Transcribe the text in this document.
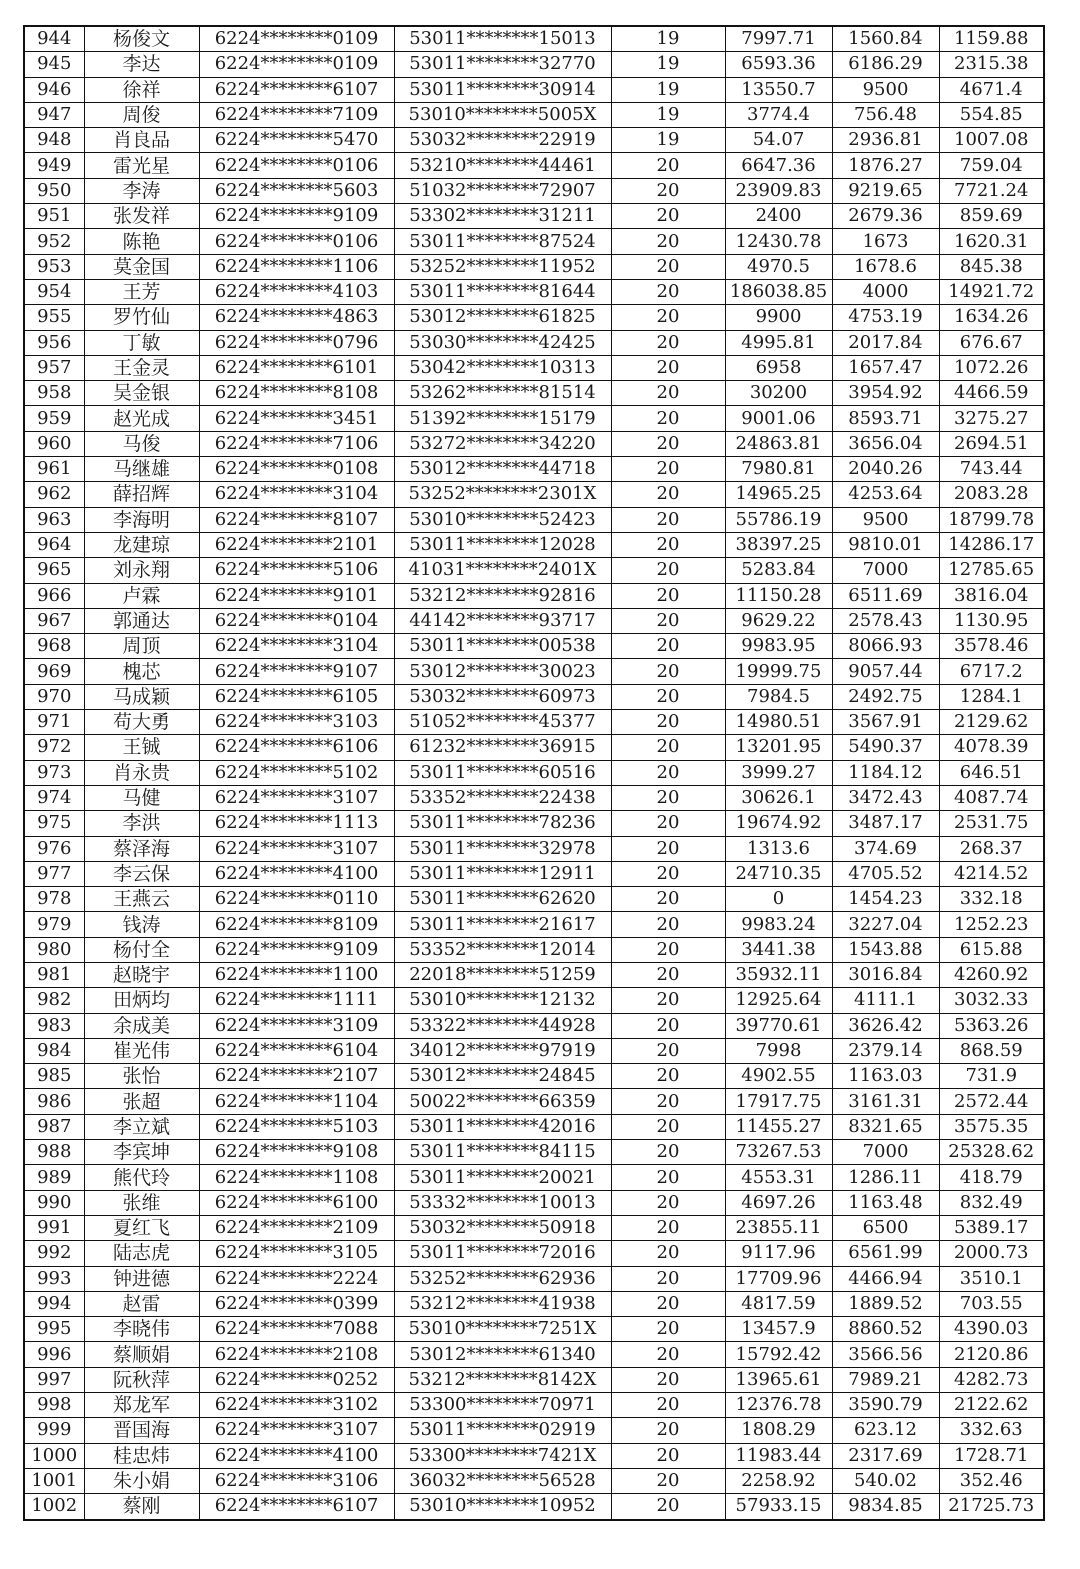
944	杨俊文	6224********0109	53011********15013	19	7997.71	1560.84	1159.88
945	李达	6224********0109	53011********32770	19	6593.36	6186.29	2315.38
946	徐祥	6224********6107	53011********30914	19	13550.7	9500	4671.4
947	周俊	6224********7109	53010********5005X	19	3774.4	756.48	554.85
948	肖良品	6224********5470	53032********22919	19	54.07	2936.81	1007.08
949	雷光星	6224********0106	53210********44461	20	6647.36	1876.27	759.04
950	李涛	6224********5603	51032********72907	20	23909.83	9219.65	7721.24
951	张发祥	6224********9109	53302********31211	20	2400	2679.36	859.69
952	陈艳	6224********0106	53011********87524	20	12430.78	1673	1620.31
953	莫金国	6224********1106	53252********11952	20	4970.5	1678.6	845.38
954	王芳	6224********4103	53011********81644	20	186038.85	4000	14921.72
955	罗竹仙	6224********4863	53012********61825	20	9900	4753.19	1634.26
956	丁敏	6224********0796	53030********42425	20	4995.81	2017.84	676.67
957	王金灵	6224********6101	53042********10313	20	6958	1657.47	1072.26
958	吴金银	6224********8108	53262********81514	20	30200	3954.92	4466.59
959	赵光成	6224********3451	51392********15179	20	9001.06	8593.71	3275.27
960	马俊	6224********7106	53272********34220	20	24863.81	3656.04	2694.51
961	马继雄	6224********0108	53012********44718	20	7980.81	2040.26	743.44
962	薛招辉	6224********3104	53252********2301X	20	14965.25	4253.64	2083.28
963	李海明	6224********8107	53010********52423	20	55786.19	9500	18799.78
964	龙建琼	6224********2101	53011********12028	20	38397.25	9810.01	14286.17
965	刘永翔	6224********5106	41031********2401X	20	5283.84	7000	12785.65
966	卢霖	6224********9101	53212********92816	20	11150.28	6511.69	3816.04
967	郭通达	6224********0104	44142********93717	20	9629.22	2578.43	1130.95
968	周顶	6224********3104	53011********00538	20	9983.95	8066.93	3578.46
969	槐芯	6224********9107	53012********30023	20	19999.75	9057.44	6717.2
970	马成颖	6224********6105	53032********60973	20	7984.5	2492.75	1284.1
971	苟大勇	6224********3103	51052********45377	20	14980.51	3567.91	2129.62
972	王铖	6224********6106	61232********36915	20	13201.95	5490.37	4078.39
973	肖永贵	6224********5102	53011********60516	20	3999.27	1184.12	646.51
974	马健	6224********3107	53352********22438	20	30626.1	3472.43	4087.74
975	李洪	6224********1113	53011********78236	20	19674.92	3487.17	2531.75
976	蔡泽海	6224********3107	53011********32978	20	1313.6	374.69	268.37
977	李云保	6224********4100	53011********12911	20	24710.35	4705.52	4214.52
978	王燕云	6224********0110	53011********62620	20	0	1454.23	332.18
979	钱涛	6224********8109	53011********21617	20	9983.24	3227.04	1252.23
980	杨付全	6224********9109	53352********12014	20	3441.38	1543.88	615.88
981	赵晓宇	6224********1100	22018********51259	20	35932.11	3016.84	4260.92
982	田炳均	6224********1111	53010********12132	20	12925.64	4111.1	3032.33
983	余成美	6224********3109	53322********44928	20	39770.61	3626.42	5363.26
984	崔光伟	6224********6104	34012********97919	20	7998	2379.14	868.59
985	张怡	6224********2107	53012********24845	20	4902.55	1163.03	731.9
986	张超	6224********1104	50022********66359	20	17917.75	3161.31	2572.44
987	李立斌	6224********5103	53011********42016	20	11455.27	8321.65	3575.35
988	李宾坤	6224********9108	53011********84115	20	73267.53	7000	25328.62
989	熊代玲	6224********1108	53011********20021	20	4553.31	1286.11	418.79
990	张维	6224********6100	53332********10013	20	4697.26	1163.48	832.49
991	夏红飞	6224********2109	53032********50918	20	23855.11	6500	5389.17
992	陆志虎	6224********3105	53011********72016	20	9117.96	6561.99	2000.73
993	钟进德	6224********2224	53252********62936	20	17709.96	4466.94	3510.1
994	赵雷	6224********0399	53212********41938	20	4817.59	1889.52	703.55
995	李晓伟	6224********7088	53010********7251X	20	13457.9	8860.52	4390.03
996	蔡顺娟	6224********2108	53012********61340	20	15792.42	3566.56	2120.86
997	阮秋萍	6224********0252	53212********8142X	20	13965.61	7989.21	4282.73
998	郑龙军	6224********3102	53300********70971	20	12376.78	3590.79	2122.62
999	晋国海	6224********3107	53011********02919	20	1808.29	623.12	332.63
1000	桂忠炜	6224********4100	53300********7421X	20	11983.44	2317.69	1728.71
1001	朱小娟	6224********3106	36032********56528	20	2258.92	540.02	352.46
1002	蔡刚	6224********6107	53010********10952	20	57933.15	9834.85	21725.73
